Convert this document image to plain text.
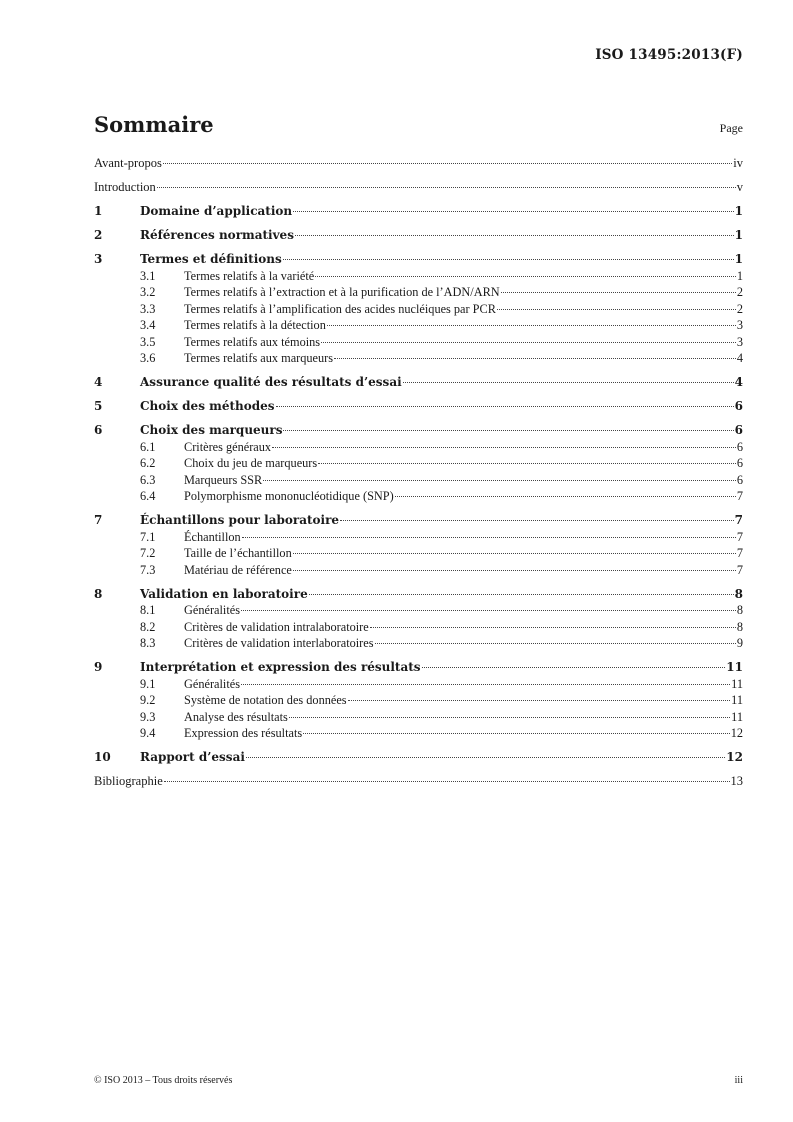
ISO 13495:2013(F)
Sommaire	Page
Avant-propos	iv
Introduction	v
1	Domaine d’application	1
2	Références normatives	1
3	Termes et définitions	1
3.1	Termes relatifs à la variété	1
3.2	Termes relatifs à l’extraction et à la purification de l’ADN/ARN	2
3.3	Termes relatifs à l’amplification des acides nucléiques par PCR	2
3.4	Termes relatifs à la détection	3
3.5	Termes relatifs aux témoins	3
3.6	Termes relatifs aux marqueurs	4
4	Assurance qualité des résultats d’essai	4
5	Choix des méthodes	6
6	Choix des marqueurs	6
6.1	Critères généraux	6
6.2	Choix du jeu de marqueurs	6
6.3	Marqueurs SSR	6
6.4	Polymorphisme mononucléotidique (SNP)	7
7	Échantillons pour laboratoire	7
7.1	Échantillon	7
7.2	Taille de l’échantillon	7
7.3	Matériau de référence	7
8	Validation en laboratoire	8
8.1	Généralités	8
8.2	Critères de validation intralaboratoire	8
8.3	Critères de validation interlaboratoires	9
9	Interprétation et expression des résultats	11
9.1	Généralités	11
9.2	Système de notation des données	11
9.3	Analyse des résultats	11
9.4	Expression des résultats	12
10	Rapport d’essai	12
Bibliographie	13
© ISO 2013 – Tous droits réservés	iii
